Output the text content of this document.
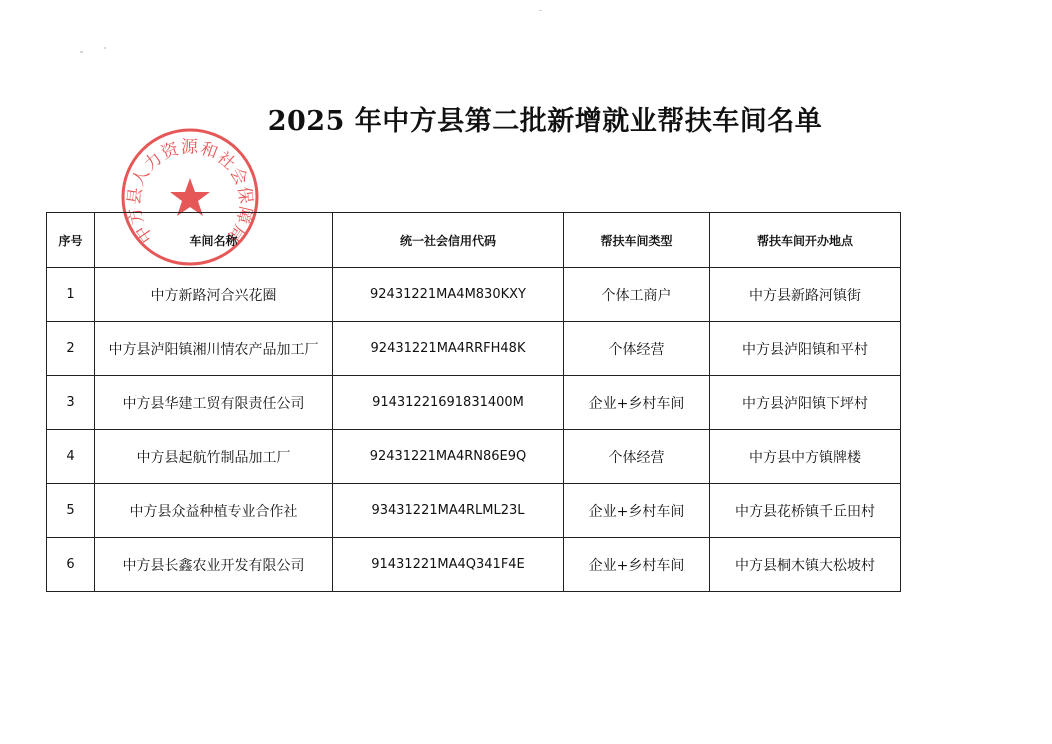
2025 年中方县第二批新增就业帮扶车间名单
中方县人力资源和社会保障局
序号	车间名称	统一社会信用代码	帮扶车间类型	帮扶车间开办地点
1	中方新路河合兴花圈	92431221MA4M830KXY	个体工商户	中方县新路河镇街
2	中方县泸阳镇湘川情农产品加工厂	92431221MA4RRFH48K	个体经营	中方县泸阳镇和平村
3	中方县华建工贸有限责任公司	91431221691831400M	企业+乡村车间	中方县泸阳镇下坪村
4	中方县起航竹制品加工厂	92431221MA4RN86E9Q	个体经营	中方县中方镇牌楼
5	中方县众益种植专业合作社	93431221MA4RLML23L	企业+乡村车间	中方县花桥镇千丘田村
6	中方县长鑫农业开发有限公司	91431221MA4Q341F4E	企业+乡村车间	中方县桐木镇大松坡村
